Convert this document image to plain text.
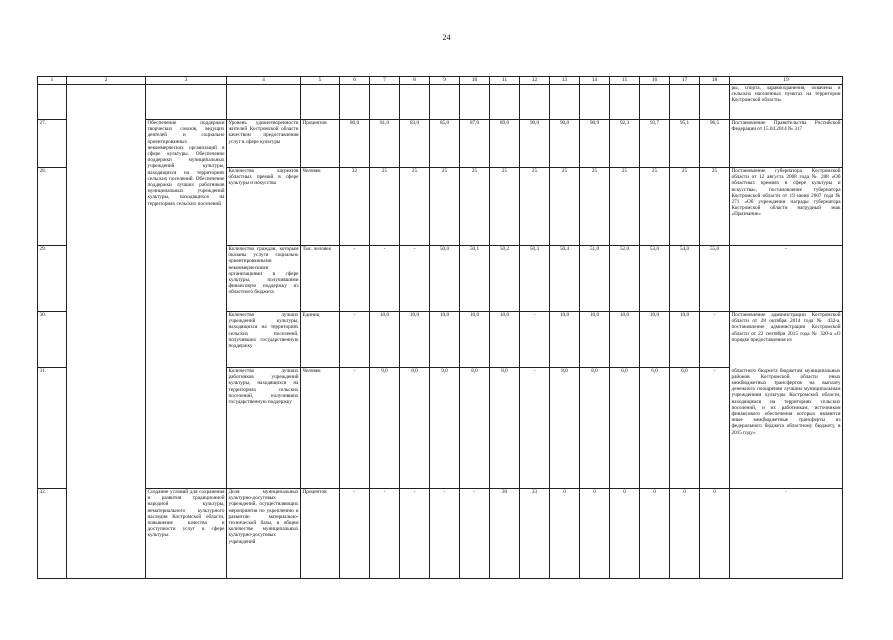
24
1	2	3	4	5	6	7	8	9	10	11	12	13	14	15	16	17	18	19
																		ры, спорта, здравоохранения, охвачены в сельских населенных пунктах на территории Костромской области»
27.		Обеспечение поддержки творческих союзов, ведущих деятелей и социально ориентированных некоммерческих организаций в сфере культуры. Обеспечение поддержки муниципальных учреждений культуры, находящихся на территориях сельских поселений. Обеспечение поддержки лучших работников муниципальных учреждений культуры, находящихся на территориях сельских поселений	Уровень удовлетворенности жителей Костромской области качеством предоставления услуг в сфере культуры	Процентов	80,0	81,0	83,0	85,0	87,0	89,0	90,0	90,0	90,9	92,3	93,7	95,1	96,5	Постановление Правительства Российской Федерации от 15.04.2014 № 317
28.			Количество лауреатов областных премий в сфере культуры и искусства	Человек	32	25	25	25	25	25	25	25	25	25	25	25	25	Постановление губернатора Костромской области от 12 августа 2008 года № 288 «Об областных премиях в сфере культуры и искусства», постановление губернатора Костромской области от 19 июня 2007 года № 271 «Об учреждении награды губернатора Костромской области нагрудный знак «Признание»
29.			Количество граждан, которым оказаны услуги социально ориентированными некоммерческими организациями в сфере культуры, получившими финансовую поддержку из областного бюджета	Тыс. человек	-	-	-	50,0	50,1	50,2	50,3	50,4	51,0	52,0	53,0	54,0	55,0	-
30.			Количество лучших учреждений культуры, находящихся на территориях сельских поселений, получивших государственную поддержку	Единиц	-	10,0	10,0	10,0	10,0	10,0	-	10,0	10,0	10,0	10,0	10,0	-	Постановление администрации Костромской области от 28 октября 2014 года № 432-а, постановление администрации Костромской области от 22 сентября 2015 года № 320-а «О порядке предоставления из
31.			Количество лучших работников учреждений культуры, находящихся на территориях сельских поселений, получивших государственную поддержку	Человек	-	9,0	8,0	9,0	8,0	8,0	-	8,0	8,0	6,0	6,0	6,0	-	областного бюджета бюджетам муниципальных районов Костромской области иных межбюджетных трансфертов на выплату денежного поощрения лучшим муниципальным учреждениям культуры Костромской области, находящимся на территориях сельских поселений, и их работникам, источником финансового обеспечения которых являются иные межбюджетные трансферты из федерального бюджета областному бюджету, в 2015 году»
32.		Создание условий для сохранения и развития традиционной народной культуры, нематериального культурного наследия Костромской области, повышение качества и доступности услуг в сфере культуры.	Доля муниципальных культурно-досуговых учреждений, осуществляющих мероприятия по укреплению и развитию материально-технической базы, в общем количестве муниципальных культурно-досуговых учреждений	Процентов	-	-	-	-	-	30	33	0	0	0	0	0	0	-
